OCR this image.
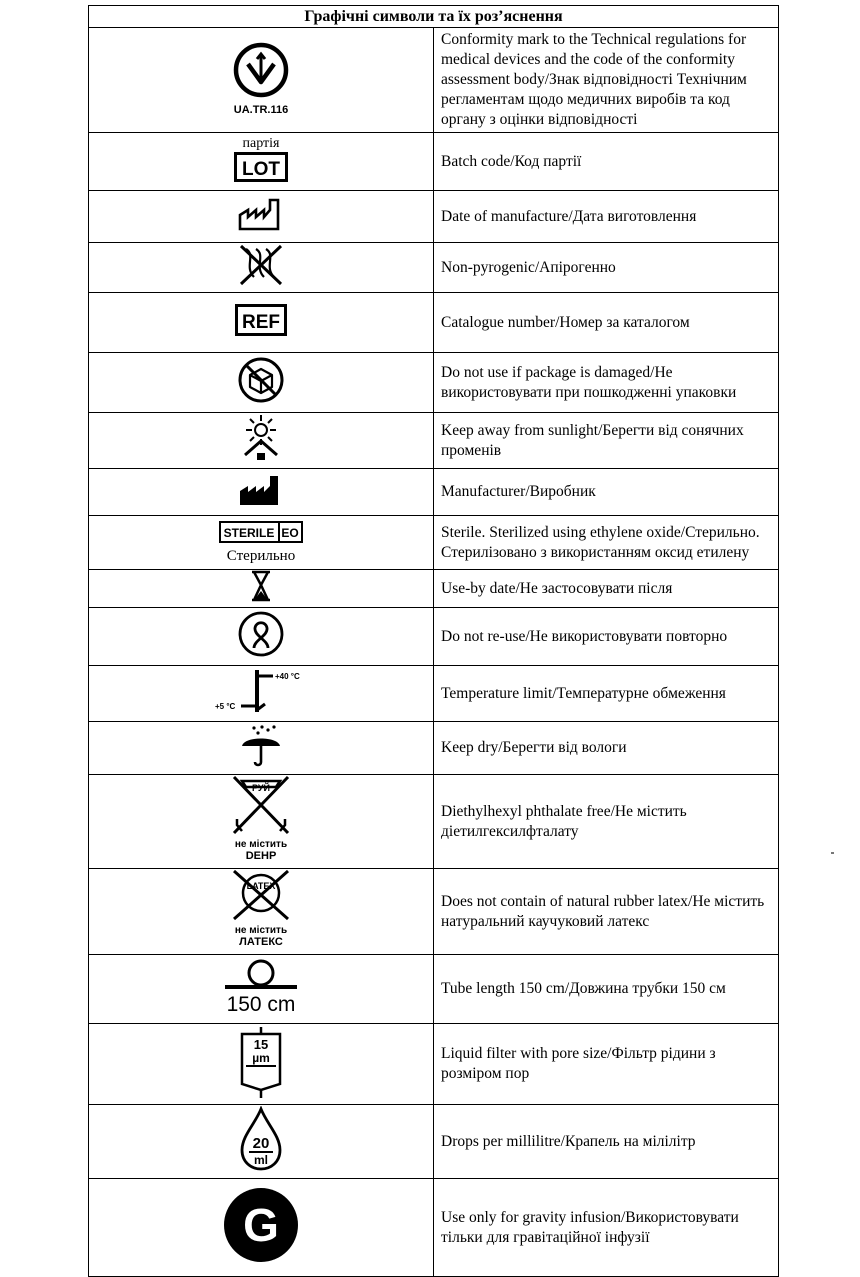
Графічні символи та їх роз’яснення	

UA.TR.116	Conformity mark to the Technical regulations for medical devices and the code of the conformity assessment body/Знак відповідності Технічним регламентам щодо медичних виробів та код органу з оцінки відповідності

партія
LOT	Batch code/Код партії

	Date of manufacture/Дата виготовлення

	Non-pyrogenic/Апірогенно

REF	Catalogue number/Номер за каталогом

	Do not use if package is damaged/Не використовувати при пошкодженні упаковки

	Keep away from sunlight/Берегти від сонячних променів

	Manufacturer/Виробник

STERILE EO
Стерильно	Sterile. Sterilized using ethylene oxide/Стерильно. Стерилізовано з використанням оксид етилену

	Use-by date/Не застосовувати після

	Do not re-use/Не використовувати повторно

+40 °C
+5 °C	Temperature limit/Температурне обмеження

	Keep dry/Берегти від вологи

РУЙ
не містить
DEHP	Diethylhexyl phthalate free/Не містить діетилгексилфталату

LATEX
не містить
ЛАТЕКС	Does not contain of natural rubber latex/Не містить натуральний каучуковий латекс

150 cm	Tube length 150 cm/Довжина трубки 150 см

15
µm	Liquid filter with pore size/Фільтр рідини з розміром пор

20
ml	Drops per millilitre/Крапель на мілілітр

G	Use only for gravity infusion/Використовувати тільки для гравітаційної інфузії
